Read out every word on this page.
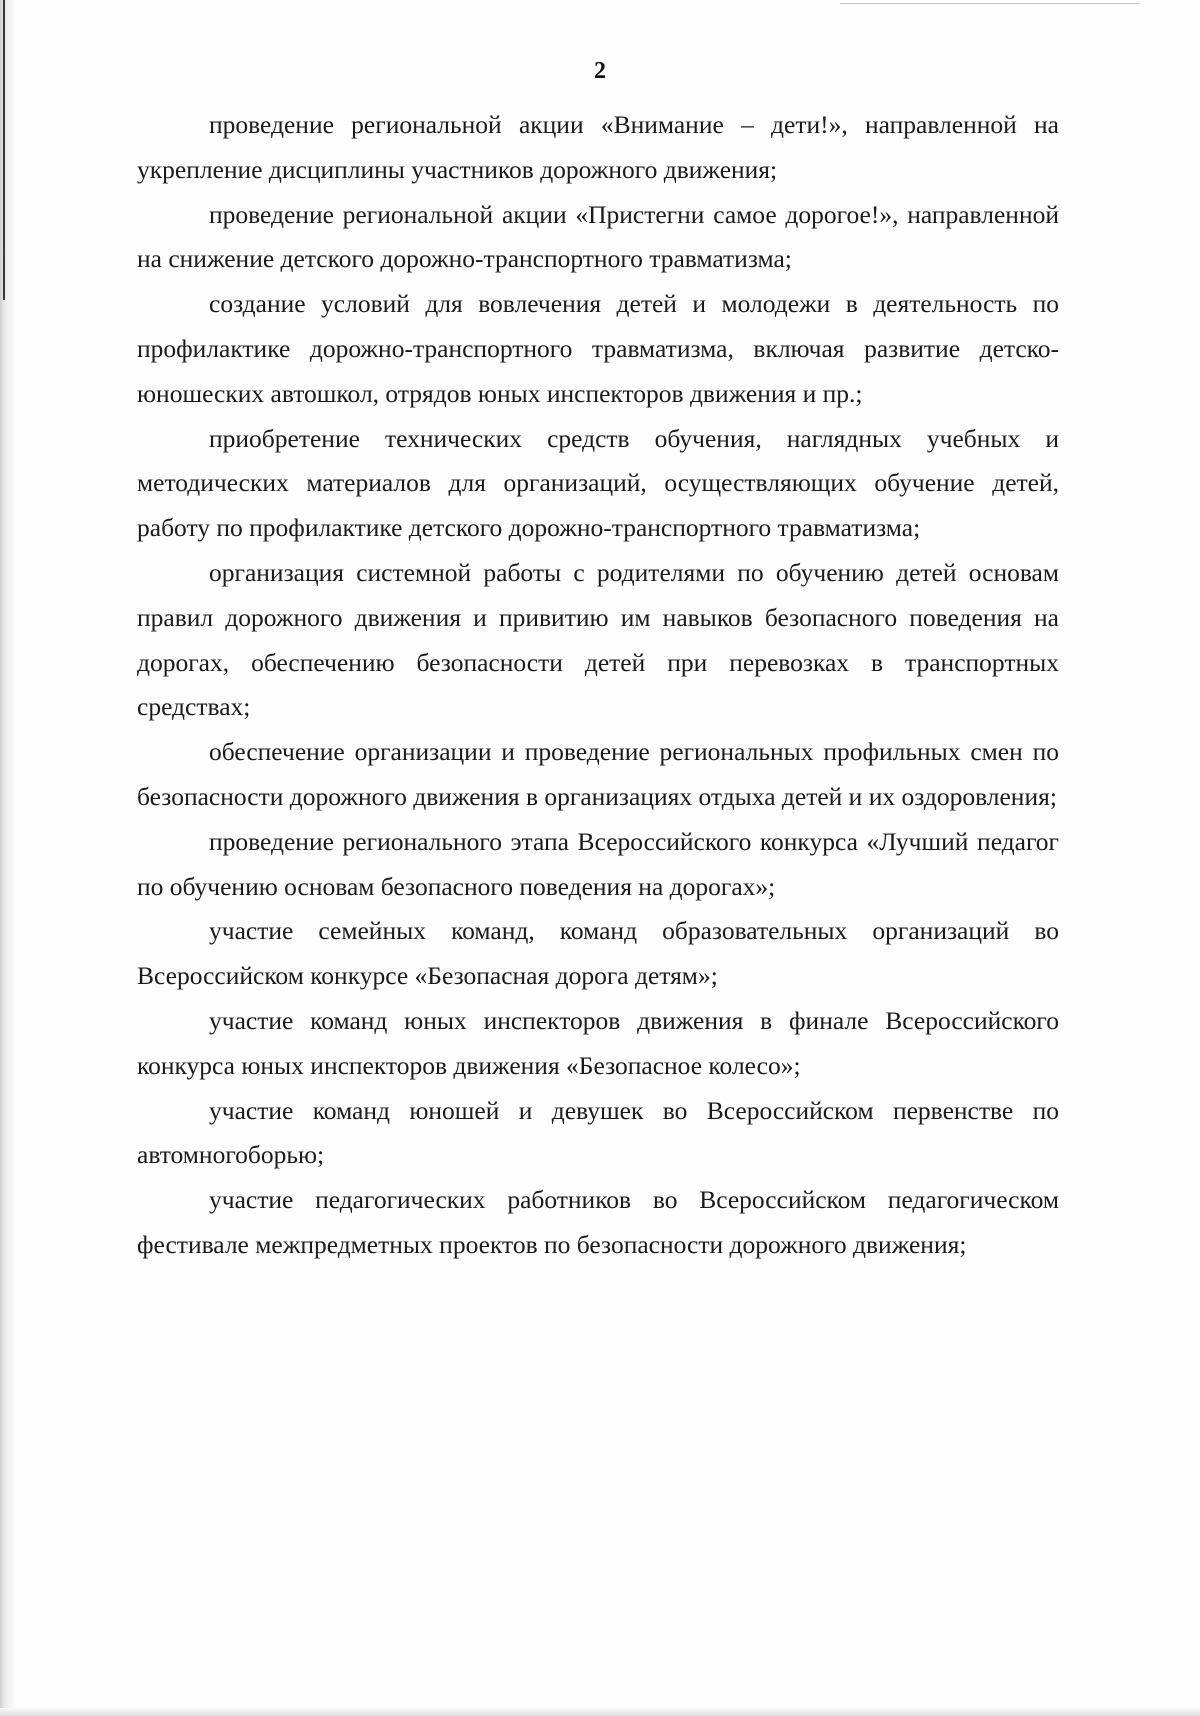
2

проведение региональной акции «Внимание – дети!», направленной на укрепление дисциплины участников дорожного движения;

проведение региональной акции «Пристегни самое дорогое!», направленной на снижение детского дорожно-транспортного травматизма;

создание условий для вовлечения детей и молодежи в деятельность по профилактике дорожно-транспортного травматизма, включая развитие детско-юношеских автошкол, отрядов юных инспекторов движения и пр.;

приобретение технических средств обучения, наглядных учебных и методических материалов для организаций, осуществляющих обучение детей, работу по профилактике детского дорожно-транспортного травматизма;

организация системной работы с родителями по обучению детей основам правил дорожного движения и привитию им навыков безопасного поведения на дорогах, обеспечению безопасности детей при перевозках в транспортных средствах;

обеспечение организации и проведение региональных профильных смен по безопасности дорожного движения в организациях отдыха детей и их оздоровления;

проведение регионального этапа Всероссийского конкурса «Лучший педагог по обучению основам безопасного поведения на дорогах»;

участие семейных команд, команд образовательных организаций во Всероссийском конкурсе «Безопасная дорога детям»;

участие команд юных инспекторов движения в финале Всероссийского конкурса юных инспекторов движения «Безопасное колесо»;

участие команд юношей и девушек во Всероссийском первенстве по автомногоборью;

участие педагогических работников во Всероссийском педагогическом фестивале межпредметных проектов по безопасности дорожного движения;
